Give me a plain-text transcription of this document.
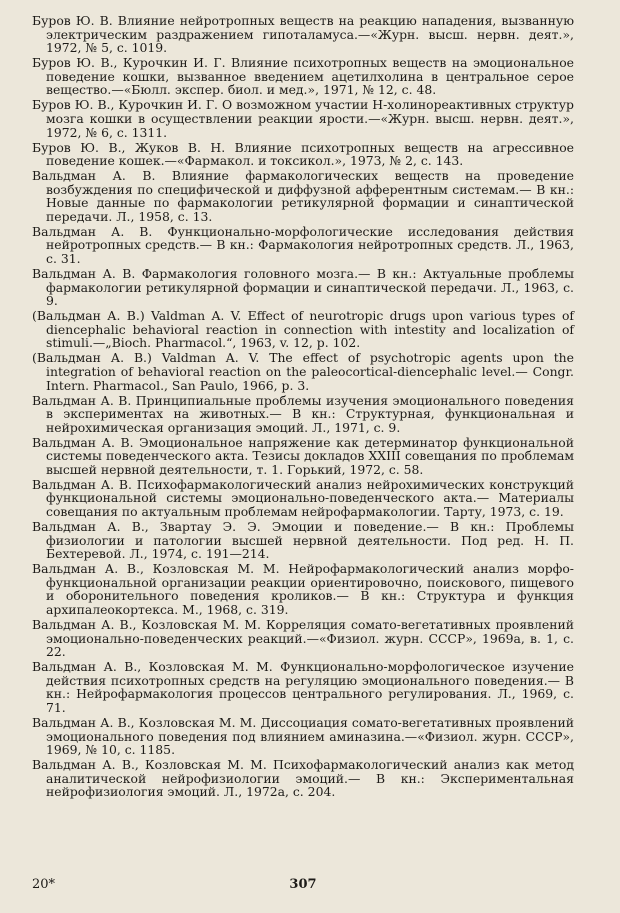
Буров Ю. В. Влияние нейротропных веществ на реакцию нападения, вызванную электрическим раздражением гипоталамуса.—«Журн. высш. нервн. деят.», 1972, № 5, с. 1019.

Буров Ю. В., Курочкин И. Г. Влияние психотропных веществ на эмоциональное поведение кошки, вызванное введением ацетилхолина в центральное серое вещество.—«Бюлл. экспер. биол. и мед.», 1971, № 12, с. 48.

Буров Ю. В., Курочкин И. Г. О возможном участии Н-холинореактивных структур мозга кошки в осуществлении реакции ярости.—«Журн. высш. нервн. деят.», 1972, № 6, с. 1311.

Буров Ю. В., Жуков В. Н. Влияние психотропных веществ на агрессивное поведение кошек.—«Фармакол. и токсикол.», 1973, № 2, с. 143.

Вальдман А. В. Влияние фармакологических веществ на проведение возбуждения по специфической и диффузной афферентным системам.— В кн.: Новые данные по фармакологии ретикулярной формации и синаптической передачи. Л., 1958, с. 13.

Вальдман А. В. Функционально-морфологические исследования действия нейротропных средств.— В кн.: Фармакология нейротропных средств. Л., 1963, с. 31.

Вальдман А. В. Фармакология головного мозга.— В кн.: Актуальные проблемы фармакологии ретикулярной формации и синаптической передачи. Л., 1963, с. 9.

(Вальдман А. В.) Valdman A. V. Effect of neurotropic drugs upon various types of diencephalic behavioral reaction in connection with intestity and localization of stimuli.—„Bioch. Pharmacol.“, 1963, v. 12, p. 102.

(Вальдман А. В.) Valdman A. V. The effect of psychotropic agents upon the integration of behavioral reaction on the paleocortical-diencephalic level.— Congr. Intern. Pharmacol., San Paulo, 1966, p. 3.

Вальдман А. В. Принципиальные проблемы изучения эмоционального поведения в экспериментах на животных.— В кн.: Структурная, функциональная и нейрохимическая организация эмоций. Л., 1971, с. 9.

Вальдман А. В. Эмоциональное напряжение как детерминатор функциональной системы поведенческого акта. Тезисы докладов XXIII совещания по проблемам высшей нервной деятельности, т. 1. Горький, 1972, с. 58.

Вальдман А. В. Психофармакологический анализ нейрохимических конструкций функциональной системы эмоционально-поведенческого акта.— Материалы совещания по актуальным проблемам нейрофармакологии. Тарту, 1973, с. 19.

Вальдман А. В., Звартау Э. Э. Эмоции и поведение.— В кн.: Проблемы физиологии и патологии высшей нервной деятельности. Под ред. Н. П. Бехтеревой. Л., 1974, с. 191—214.

Вальдман А. В., Козловская М. М. Нейрофармакологический анализ морфо-функциональной организации реакции ориентировочно, поискового, пищевого и оборонительного поведения кроликов.— В кн.: Структура и функция архипалеокортекса. М., 1968, с. 319.

Вальдман А. В., Козловская М. М. Корреляция сомато-вегетативных проявлений эмоционально-поведенческих реакций.—«Физиол. журн. СССР», 1969а, в. 1, с. 22.

Вальдман А. В., Козловская М. М. Функционально-морфологическое изучение действия психотропных средств на регуляцию эмоционального поведения.— В кн.: Нейрофармакология процессов центрального регулирования. Л., 1969, с. 71.

Вальдман А. В., Козловская М. М. Диссоциация сомато-вегетативных проявлений эмоционального поведения под влиянием аминазина.—«Физиол. журн. СССР», 1969, № 10, с. 1185.

Вальдман А. В., Козловская М. М. Психофармакологический анализ как метод аналитической нейрофизиологии эмоций.— В кн.: Экспериментальная нейрофизиология эмоций. Л., 1972а, с. 204.

20*	307
